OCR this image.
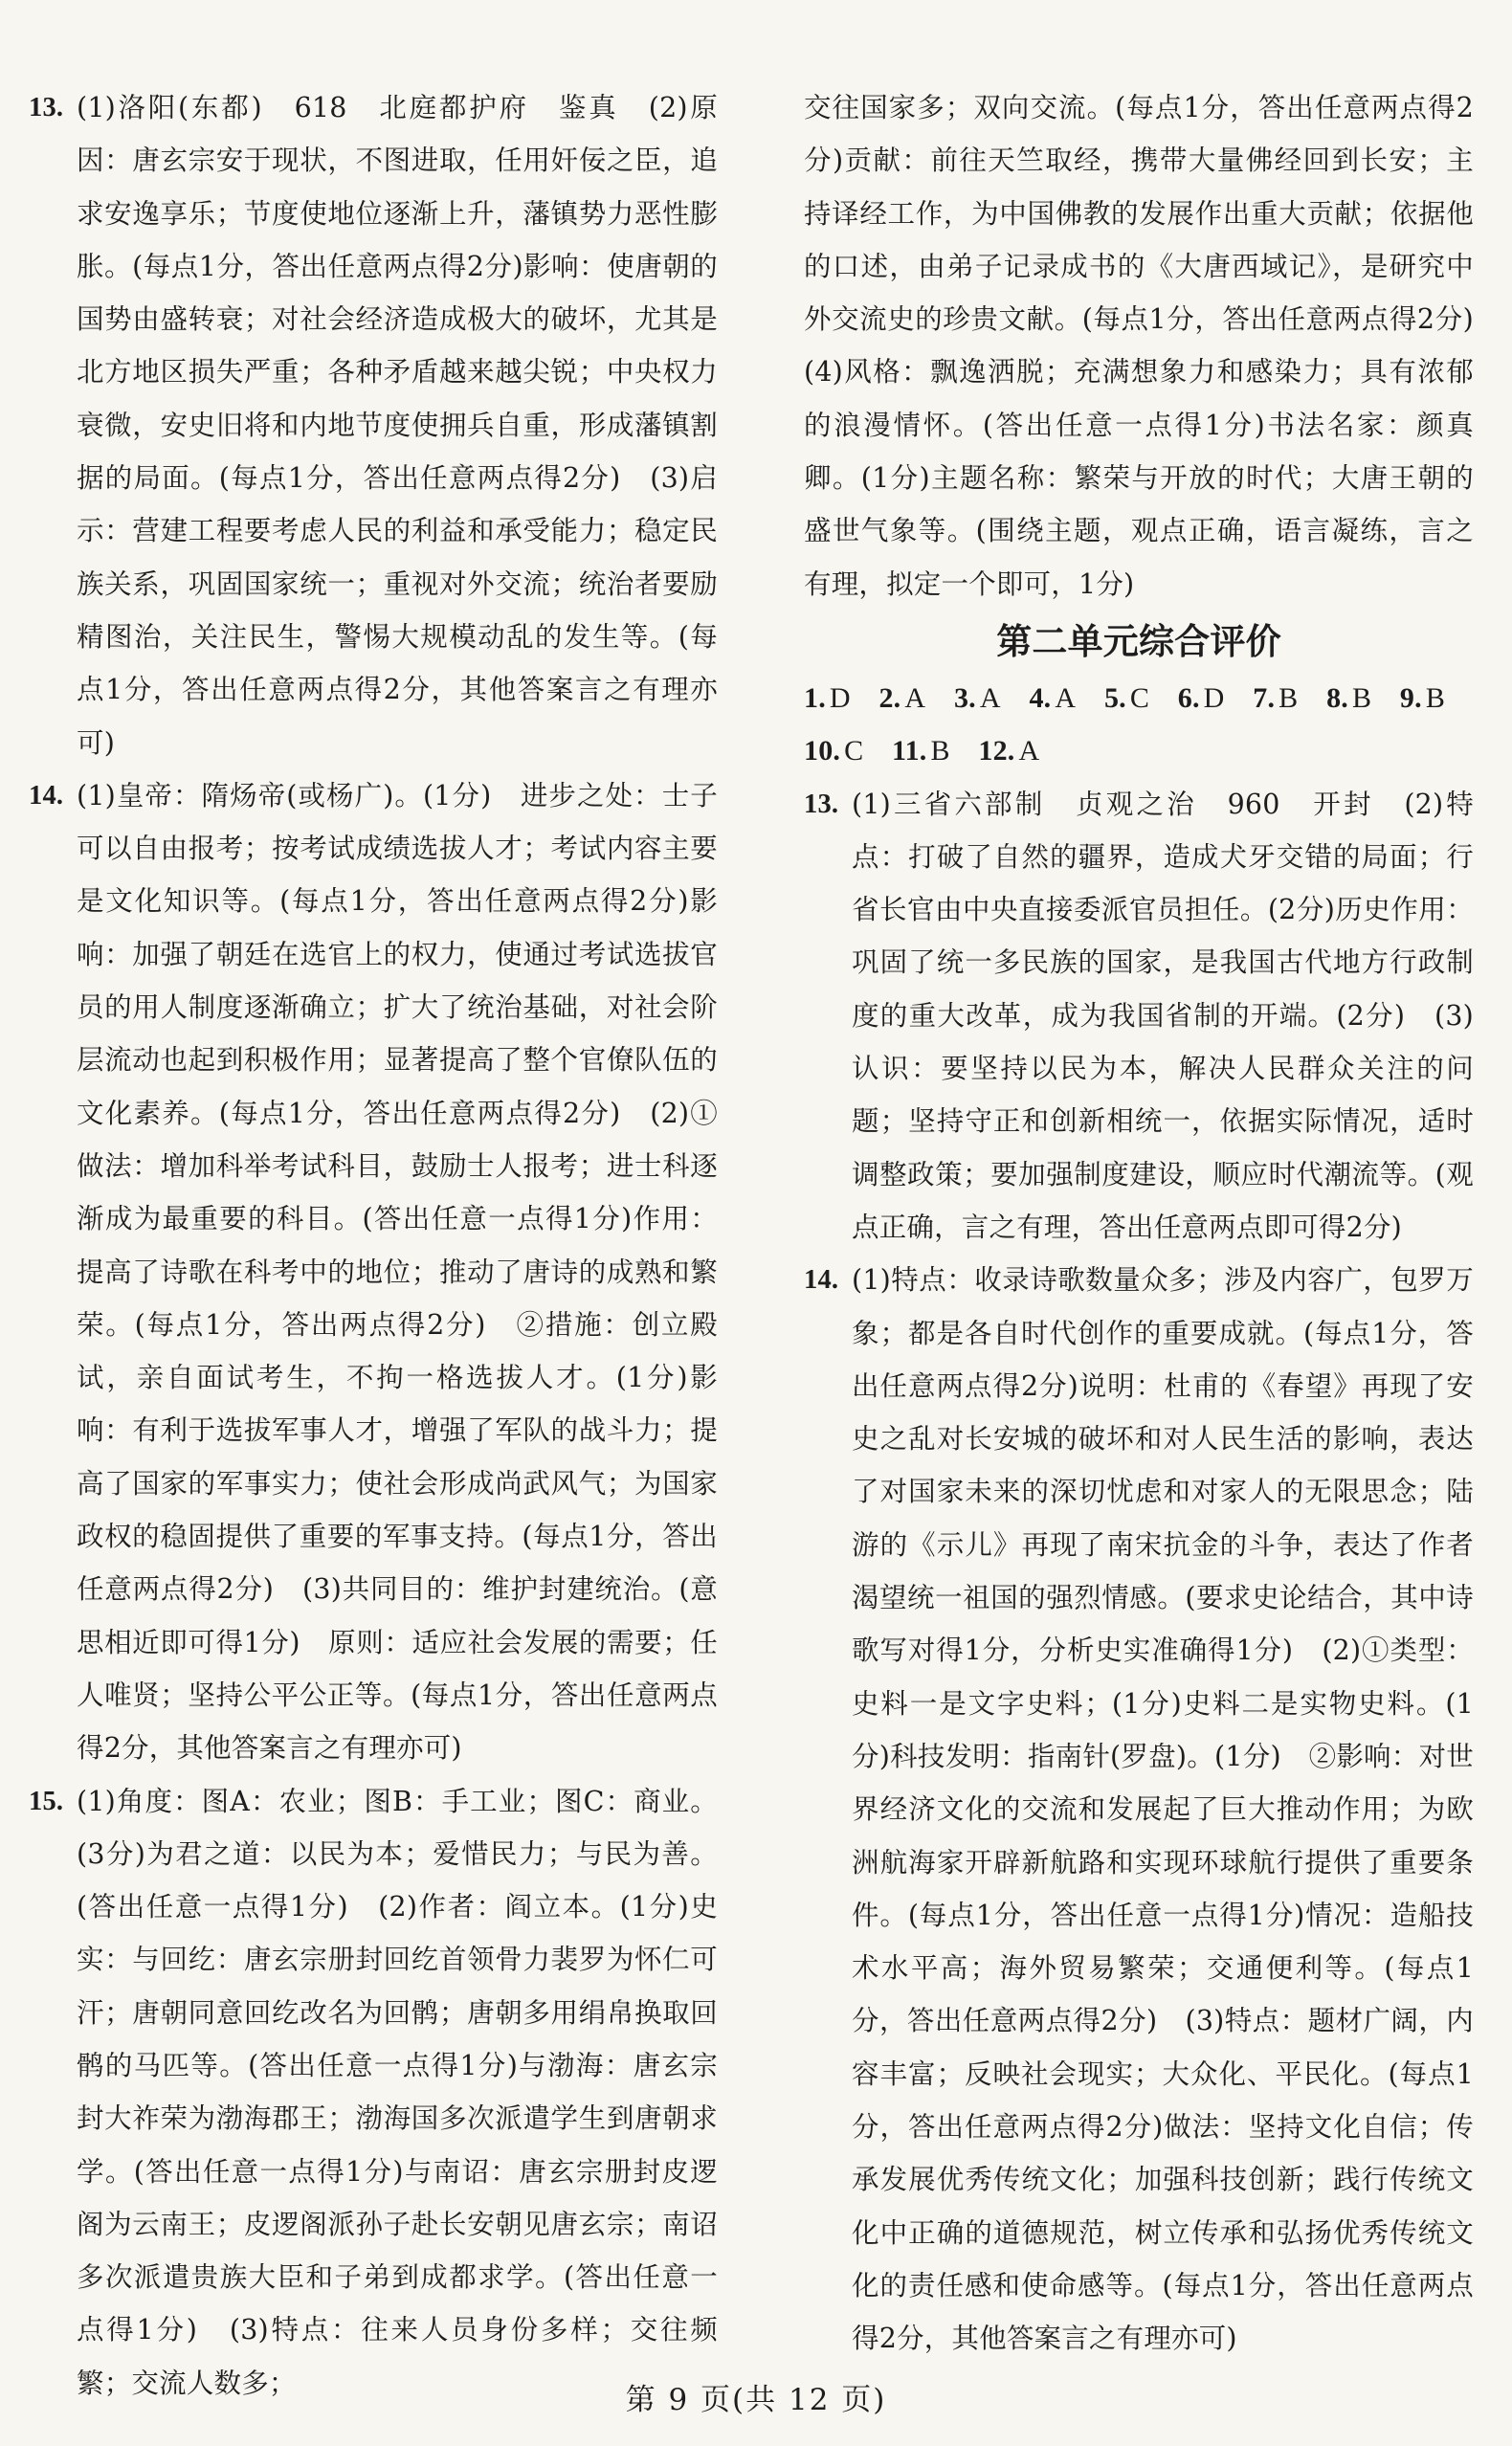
13. (1)洛阳(东都)　618　北庭都护府　鉴真　(2)原因：唐玄宗安于现状，不图进取，任用奸佞之臣，追求安逸享乐；节度使地位逐渐上升，藩镇势力恶性膨胀。(每点1分，答出任意两点得2分)影响：使唐朝的国势由盛转衰；对社会经济造成极大的破坏，尤其是北方地区损失严重；各种矛盾越来越尖锐；中央权力衰微，安史旧将和内地节度使拥兵自重，形成藩镇割据的局面。(每点1分，答出任意两点得2分)　(3)启示：营建工程要考虑人民的利益和承受能力；稳定民族关系，巩固国家统一；重视对外交流；统治者要励精图治，关注民生，警惕大规模动乱的发生等。(每点1分，答出任意两点得2分，其他答案言之有理亦可)
14. (1)皇帝：隋炀帝(或杨广)。(1分)　进步之处：士子可以自由报考；按考试成绩选拔人才；考试内容主要是文化知识等。(每点1分，答出任意两点得2分)影响：加强了朝廷在选官上的权力，使通过考试选拔官员的用人制度逐渐确立；扩大了统治基础，对社会阶层流动也起到积极作用；显著提高了整个官僚队伍的文化素养。(每点1分，答出任意两点得2分)　(2)①做法：增加科举考试科目，鼓励士人报考；进士科逐渐成为最重要的科目。(答出任意一点得1分)作用：提高了诗歌在科考中的地位；推动了唐诗的成熟和繁荣。(每点1分，答出两点得2分)　②措施：创立殿试，亲自面试考生，不拘一格选拔人才。(1分)影响：有利于选拔军事人才，增强了军队的战斗力；提高了国家的军事实力；使社会形成尚武风气；为国家政权的稳固提供了重要的军事支持。(每点1分，答出任意两点得2分)　(3)共同目的：维护封建统治。(意思相近即可得1分)　原则：适应社会发展的需要；任人唯贤；坚持公平公正等。(每点1分，答出任意两点得2分，其他答案言之有理亦可)
15. (1)角度：图A：农业；图B：手工业；图C：商业。(3分)为君之道：以民为本；爱惜民力；与民为善。(答出任意一点得1分)　(2)作者：阎立本。(1分)史实：与回纥：唐玄宗册封回纥首领骨力裴罗为怀仁可汗；唐朝同意回纥改名为回鹘；唐朝多用绢帛换取回鹘的马匹等。(答出任意一点得1分)与渤海：唐玄宗封大祚荣为渤海郡王；渤海国多次派遣学生到唐朝求学。(答出任意一点得1分)与南诏：唐玄宗册封皮逻阁为云南王；皮逻阁派孙子赴长安朝见唐玄宗；南诏多次派遣贵族大臣和子弟到成都求学。(答出任意一点得1分)　(3)特点：往来人员身份多样；交往频繁；交流人数多；
交往国家多；双向交流。(每点1分，答出任意两点得2分)贡献：前往天竺取经，携带大量佛经回到长安；主持译经工作，为中国佛教的发展作出重大贡献；依据他的口述，由弟子记录成书的《大唐西域记》，是研究中外交流史的珍贵文献。(每点1分，答出任意两点得2分)　(4)风格：飘逸洒脱；充满想象力和感染力；具有浓郁的浪漫情怀。(答出任意一点得1分)书法名家：颜真卿。(1分)主题名称：繁荣与开放的时代；大唐王朝的盛世气象等。(围绕主题，观点正确，语言凝练，言之有理，拟定一个即可，1分)
第二单元综合评价
1. D 2. A 3. A 4. A 5. C 6. D 7. B 8. B 9. B
10. C 11. B 12. A
13. (1)三省六部制　贞观之治　960　开封　(2)特点：打破了自然的疆界，造成犬牙交错的局面；行省长官由中央直接委派官员担任。(2分)历史作用：巩固了统一多民族的国家，是我国古代地方行政制度的重大改革，成为我国省制的开端。(2分)　(3)认识：要坚持以民为本，解决人民群众关注的问题；坚持守正和创新相统一，依据实际情况，适时调整政策；要加强制度建设，顺应时代潮流等。(观点正确，言之有理，答出任意两点即可得2分)
14. (1)特点：收录诗歌数量众多；涉及内容广，包罗万象；都是各自时代创作的重要成就。(每点1分，答出任意两点得2分)说明：杜甫的《春望》再现了安史之乱对长安城的破坏和对人民生活的影响，表达了对国家未来的深切忧虑和对家人的无限思念；陆游的《示儿》再现了南宋抗金的斗争，表达了作者渴望统一祖国的强烈情感。(要求史论结合，其中诗歌写对得1分，分析史实准确得1分)　(2)①类型：史料一是文字史料；(1分)史料二是实物史料。(1分)科技发明：指南针(罗盘)。(1分)　②影响：对世界经济文化的交流和发展起了巨大推动作用；为欧洲航海家开辟新航路和实现环球航行提供了重要条件。(每点1分，答出任意一点得1分)情况：造船技术水平高；海外贸易繁荣；交通便利等。(每点1分，答出任意两点得2分)　(3)特点：题材广阔，内容丰富；反映社会现实；大众化、平民化。(每点1分，答出任意两点得2分)做法：坚持文化自信；传承发展优秀传统文化；加强科技创新；践行传统文化中正确的道德规范，树立传承和弘扬优秀传统文化的责任感和使命感等。(每点1分，答出任意两点得2分，其他答案言之有理亦可)
第 9 页(共 12 页)
